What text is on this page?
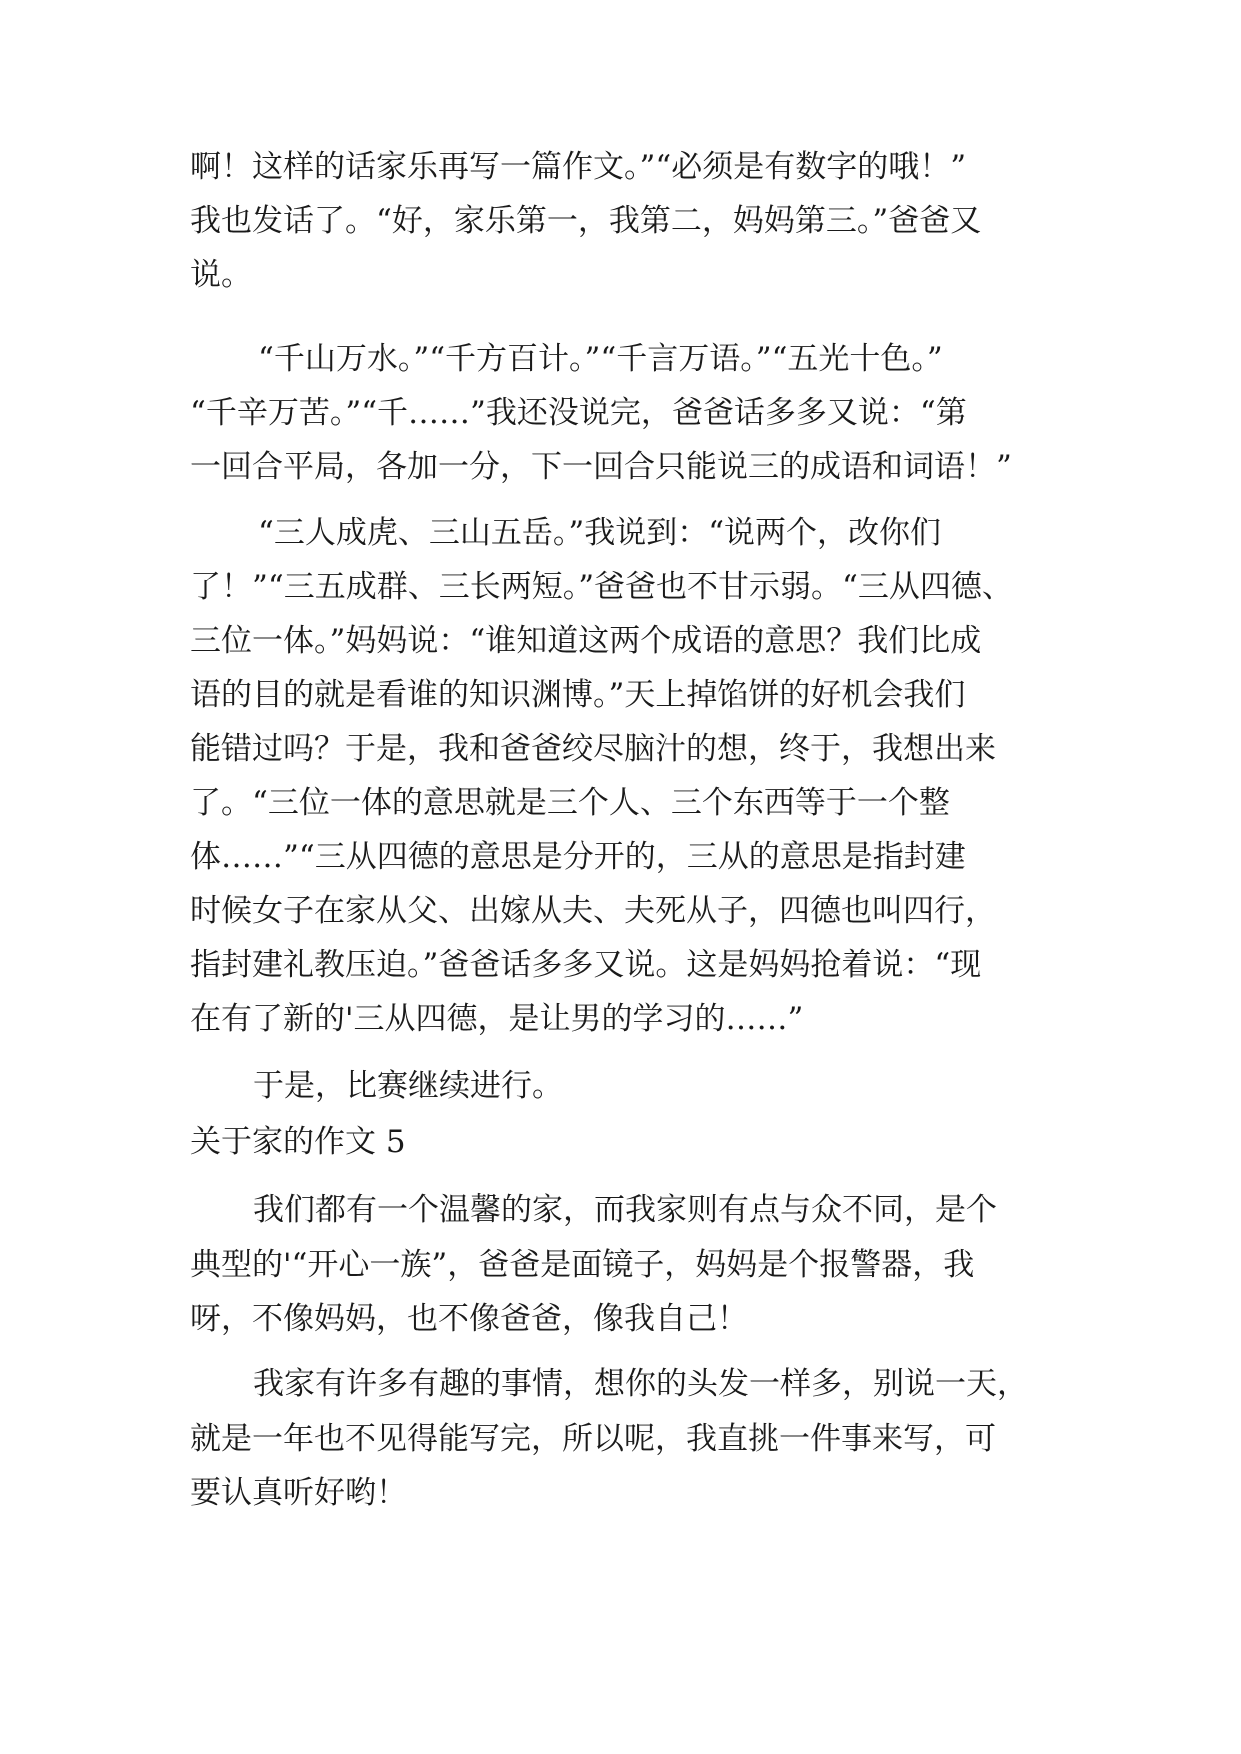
啊！这样的话家乐再写一篇作文。”“必须是有数字的哦！”
我也发话了。“好，家乐第一，我第二，妈妈第三。”爸爸又
说。
“千山万水。”“千方百计。”“千言万语。”“五光十色。”
“千辛万苦。”“千……”我还没说完，爸爸话多多又说：“第
一回合平局，各加一分，下一回合只能说三的成语和词语！”
“三人成虎、三山五岳。”我说到：“说两个，改你们
了！”“三五成群、三长两短。”爸爸也不甘示弱。“三从四德、
三位一体。”妈妈说：“谁知道这两个成语的意思？我们比成
语的目的就是看谁的知识渊博。”天上掉馅饼的好机会我们
能错过吗？于是，我和爸爸绞尽脑汁的想，终于，我想出来
了。“三位一体的意思就是三个人、三个东西等于一个整
体……”“三从四德的意思是分开的，三从的意思是指封建
时候女子在家从父、出嫁从夫、夫死从子，四德也叫四行，
指封建礼教压迫。”爸爸话多多又说。这是妈妈抢着说：“现
在有了新的'三从四德，是让男的学习的……”
于是，比赛继续进行。
关于家的作文 5
我们都有一个温馨的家，而我家则有点与众不同，是个
典型的'“开心一族”，爸爸是面镜子，妈妈是个报警器，我
呀，不像妈妈，也不像爸爸，像我自己！
我家有许多有趣的事情，想你的头发一样多，别说一天，
就是一年也不见得能写完，所以呢，我直挑一件事来写，可
要认真听好哟！
